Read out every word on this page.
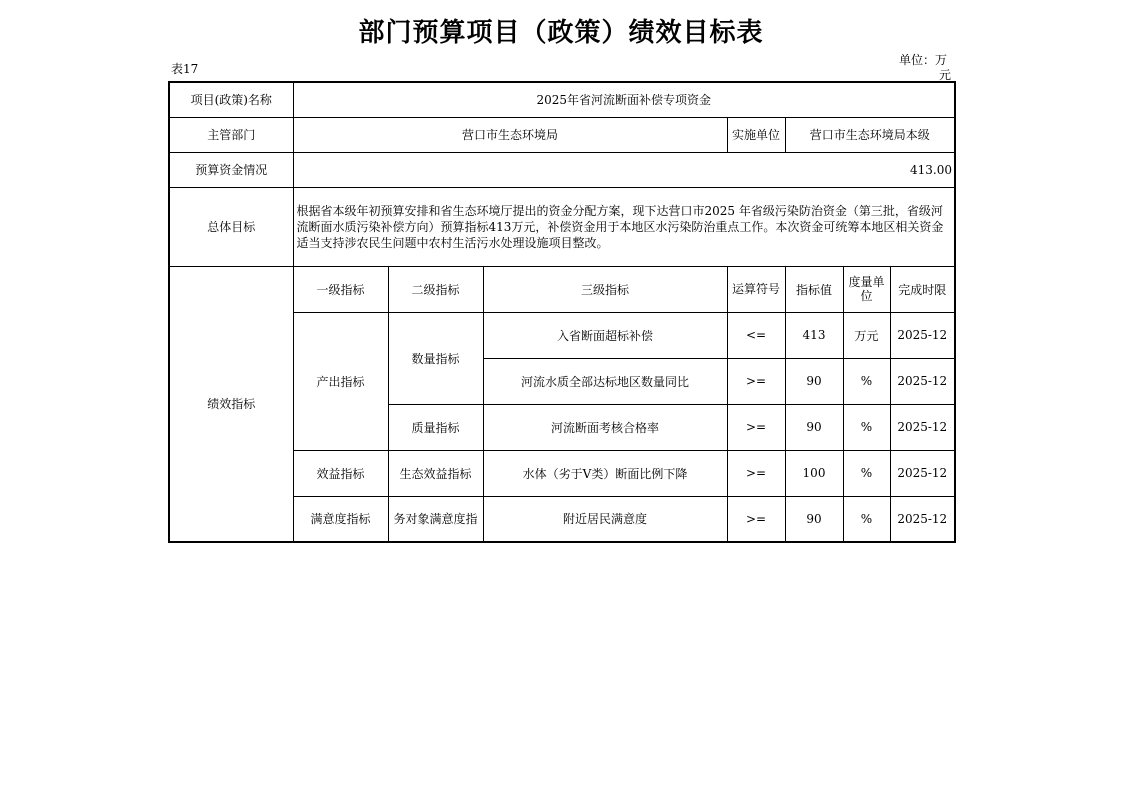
部门预算项目（政策）绩效目标表
表17
单位：万
元
项目(政策)名称	2025年省河流断面补偿专项资金						
主管部门	营口市生态环境局			实施单位	营口市生态环境局本级		
预算资金情况	413.00						
总体目标	根据省本级年初预算安排和省生态环境厅提出的资金分配方案，现下达营口市2025 年省级污染防治资金（第三批，省级河流断面水质污染补偿方向）预算指标413万元，补偿资金用于本地区水污染防治重点工作。本次资金可统筹本地区相关资金适当支持涉农民生问题中农村生活污水处理设施项目整改。						
绩效指标	一级指标	二级指标	三级指标	运算符号	指标值	度量单位	完成时限
	产出指标	数量指标	入省断面超标补偿	<=	413	万元	2025-12
			河流水质全部达标地区数量同比	>=	90	%	2025-12
		质量指标	河流断面考核合格率	>=	90	%	2025-12
	效益指标	生态效益指标	水体（劣于Ⅴ类）断面比例下降	>=	100	%	2025-12
	满意度指标	务对象满意度指	附近居民满意度	>=	90	%	2025-12
